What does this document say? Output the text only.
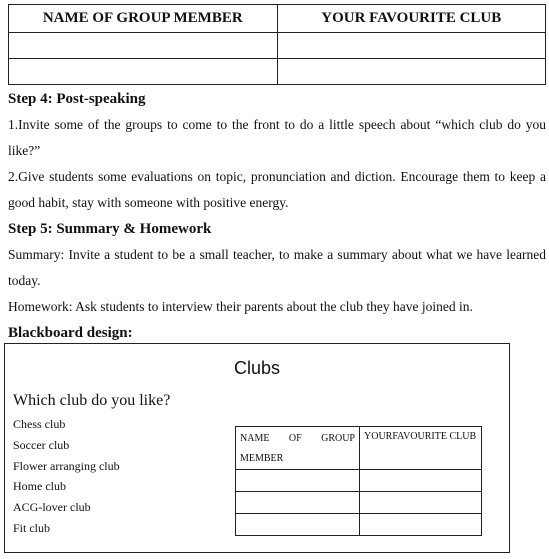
NAME OF GROUP MEMBER	YOUR FAVOURITE CLUB

Step 4: Post-speaking
1.Invite some of the groups to come to the front to do a little speech about “which club do you like?”
2.Give students some evaluations on topic, pronunciation and diction. Encourage them to keep a good habit, stay with someone with positive energy.
Step 5: Summary & Homework
Summary: Invite a student to be a small teacher, to make a summary about what we have learned today.
Homework: Ask students to interview their parents about the club they have joined in.
Blackboard design:
Clubs
Which club do you like?
Chess club
Soccer club
Flower arranging club
Home club
ACG-lover club
Fit club
NAME OF GROUP
MEMBER	YOURFAVOURITE CLUB
